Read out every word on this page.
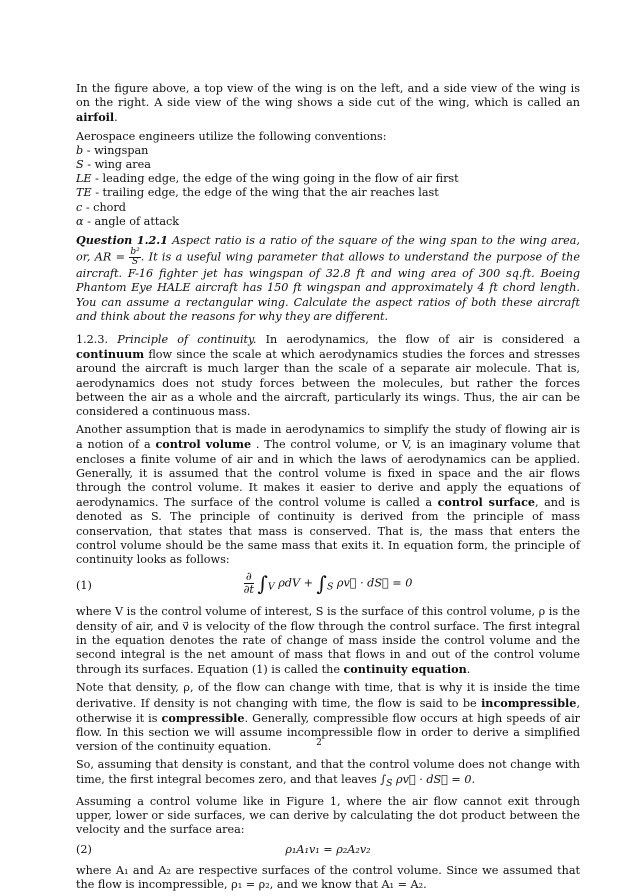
In the figure above, a top view of the wing is on the left, and a side view of the wing is on the right. A side view of the wing shows a side cut of the wing, which is called an airfoil.

Aerospace engineers utilize the following conventions:
b - wingspan
S - wing area
LE - leading edge, the edge of the wing going in the flow of air first
TE - trailing edge, the edge of the wing that the air reaches last
c - chord
α - angle of attack

Question 1.2.1 Aspect ratio is a ratio of the square of the wing span to the wing area, or, AR = $\frac{\text{b²}}{S}$ . It is a useful wing parameter that allows to understand the purpose of the aircraft. F-16 fighter jet has wingspan of 32.8 ft and wing area of 300 sq.ft. Boeing Phantom Eye HALE aircraft has 150 ft wingspan and approximately 4 ft chord length. You can assume a rectangular wing. Calculate the aspect ratios of both these aircraft and think about the reasons for why they are different.

1.2.3. Principle of continuity. In aerodynamics, the flow of air is considered a continuum flow since the scale at which aerodynamics studies the forces and stresses around the aircraft is much larger than the scale of a separate air molecule. That is, aerodynamics does not study forces between the molecules, but rather the forces between the air as a whole and the aircraft, particularly its wings. Thus, the air can be considered a continuous mass.

Another assumption that is made in aerodynamics to simplify the study of flowing air is a notion of a control volume . The control volume, or V, is an imaginary volume that encloses a finite volume of air and in which the laws of aerodynamics can be applied. Generally, it is assumed that the control volume is fixed in space and the air flows through the control volume. It makes it easier to derive and apply the equations of aerodynamics. The surface of the control volume is called a control surface, and is denoted as S. The principle of continuity is derived from the principle of mass conservation, that states that mass is conserved. That is, the mass that enters the control volume should be the same mass that exits it. In equation form, the principle of continuity looks as follows:

(1)	$\frac{\partial}{\partial t} \int_V$ $\rho dV + \int_S$ ρv⃗ · dS⃗ = 0

where V is the control volume of interest, S is the surface of this control volume, ρ is the density of air, and v⃗ is velocity of the flow through the control surface. The first integral in the equation denotes the rate of change of mass inside the control volume and the second integral is the net amount of mass that flows in and out of the control volume through its surfaces. Equation (1) is called the continuity equation.

Note that density, ρ, of the flow can change with time, that is why it is inside the time derivative. If density is not changing with time, the flow is said to be incompressible, otherwise it is compressible. Generally, compressible flow occurs at high speeds of air flow. In this section we will assume incompressible flow in order to derive a simplified version of the continuity equation.

So, assuming that density is constant, and that the control volume does not change with time, the first integral becomes zero, and that leaves $\int_S$ ρv⃗ · dS⃗ = 0.

Assuming a control volume like in Figure 1, where the air flow cannot exit through upper, lower or side surfaces, we can derive by calculating the dot product between the velocity and the surface area:

(2)	ρ₁A₁v₁ = ρ₂A₂v₂

where A₁ and A₂ are respective surfaces of the control volume. Since we assumed that the flow is incompressible, ρ₁ = ρ₂, and we know that A₁ = A₂.

2
